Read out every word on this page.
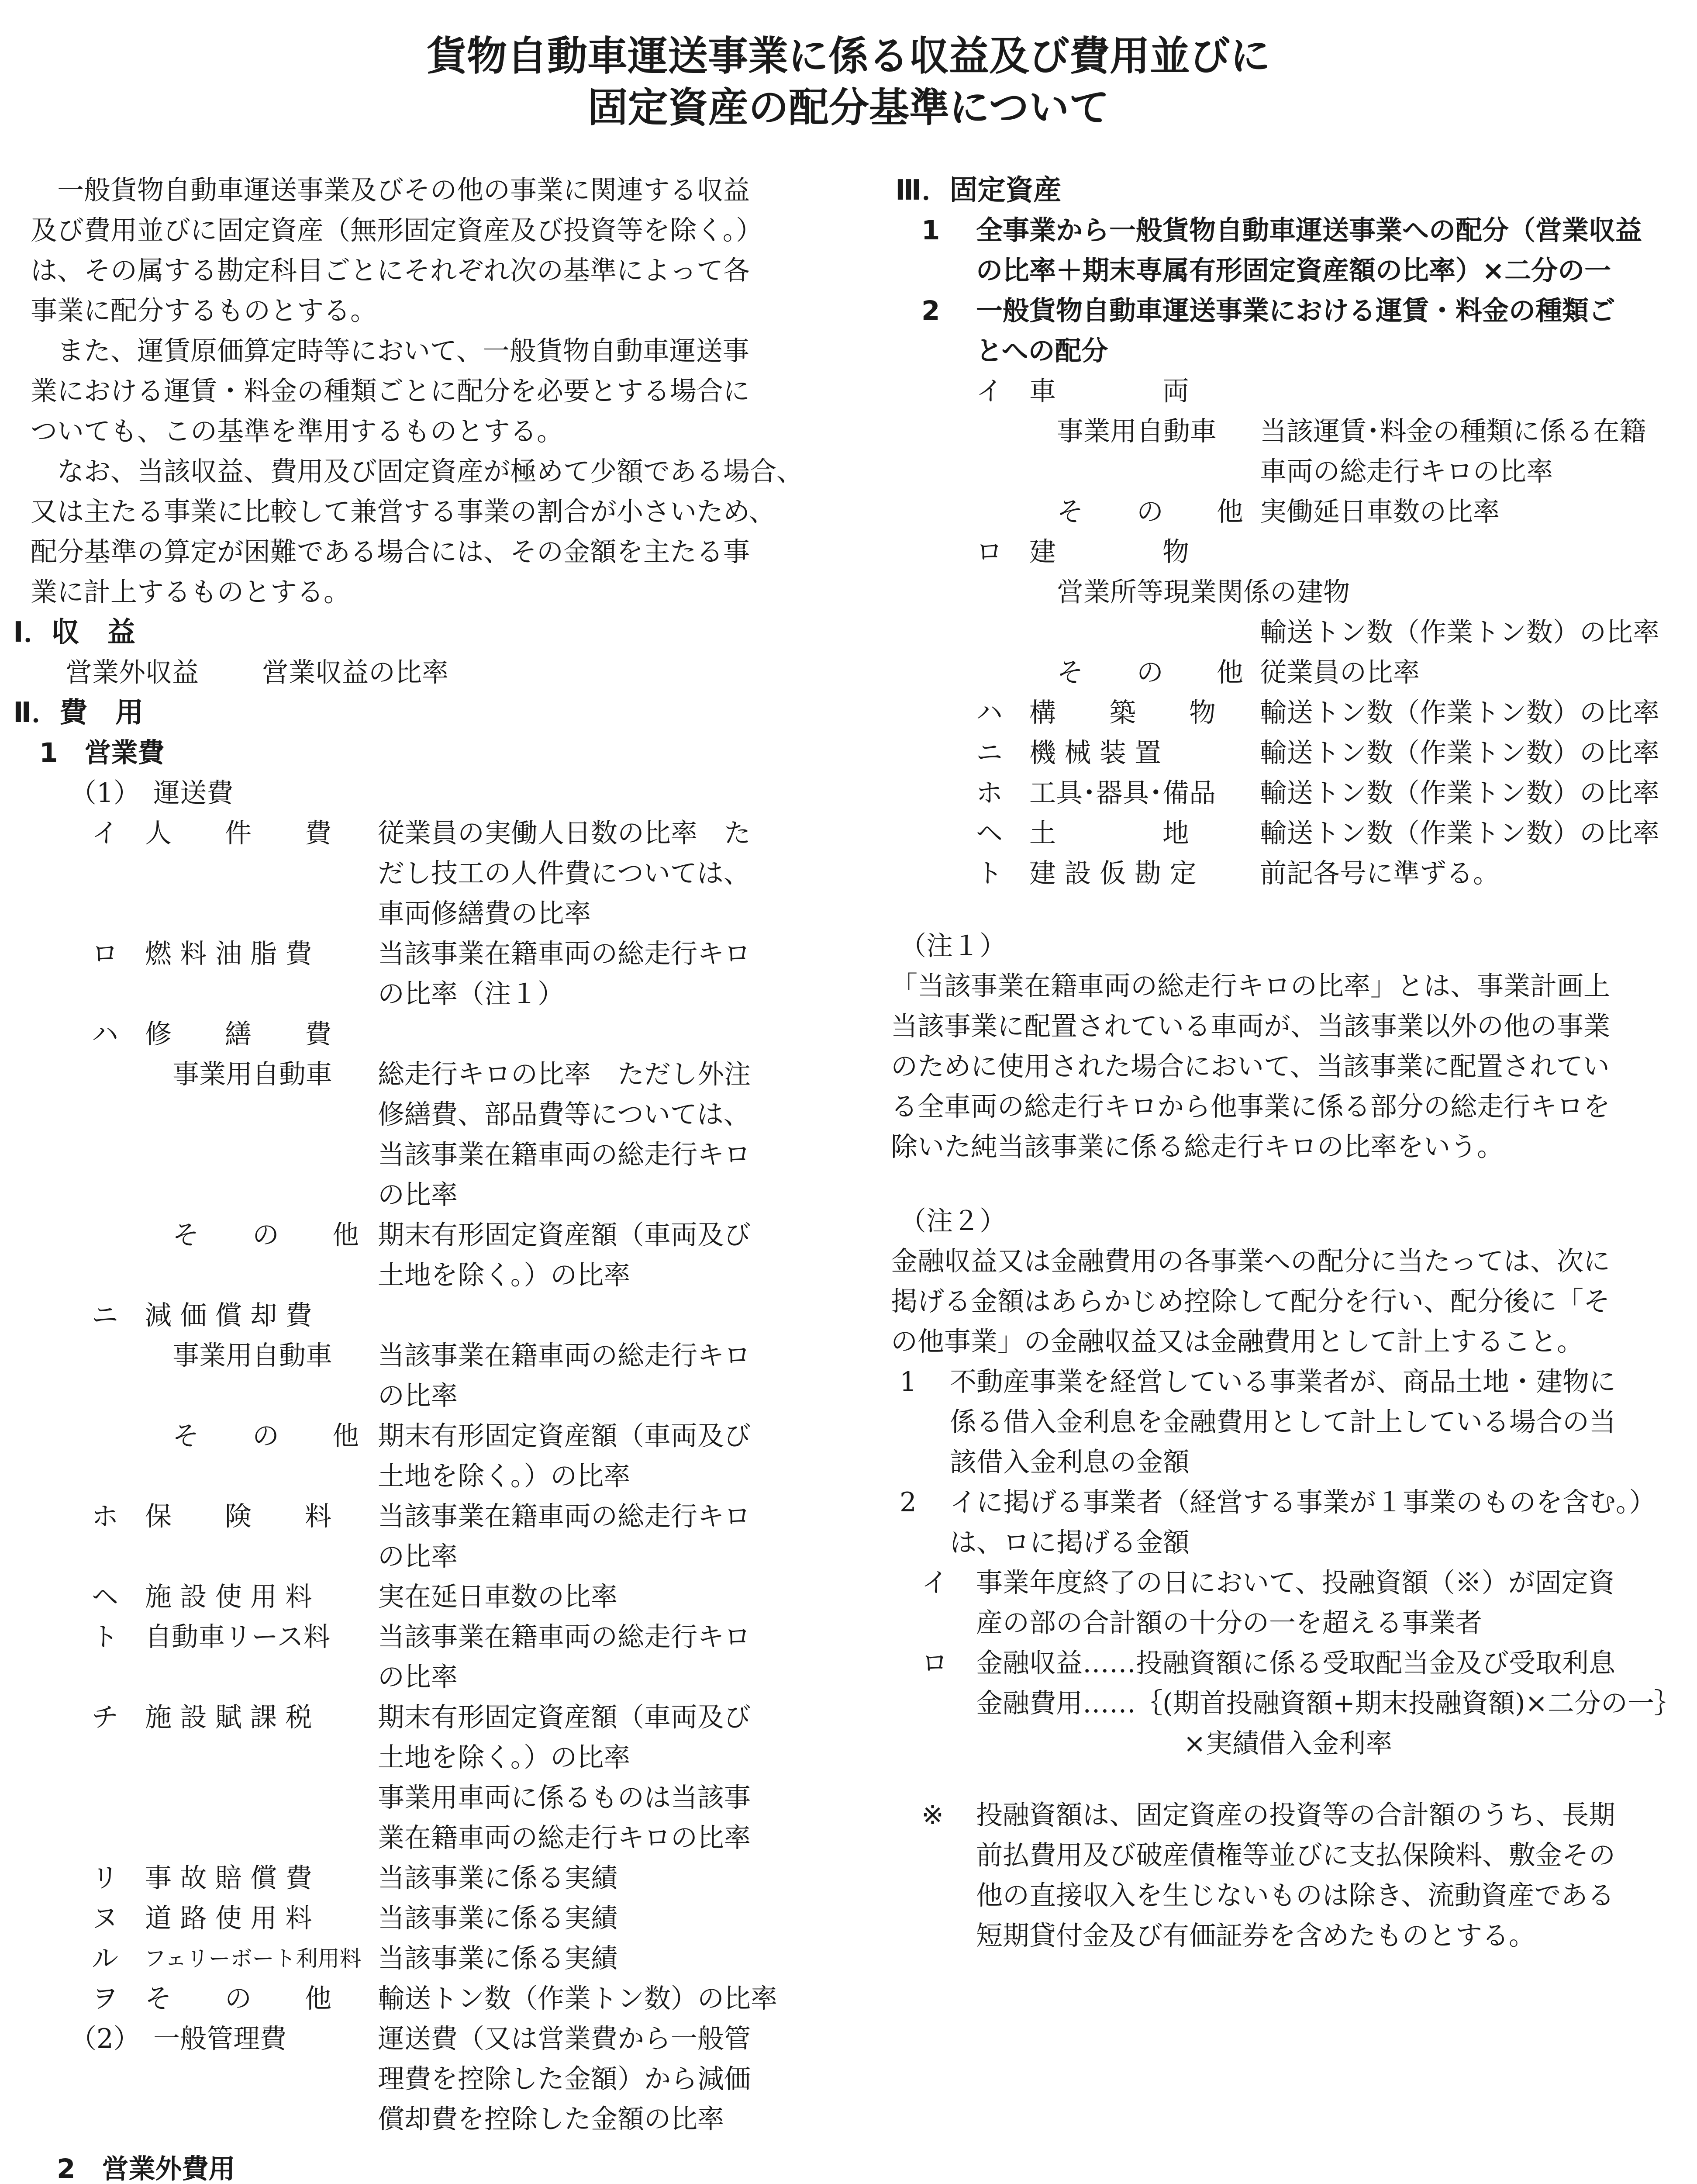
貨物自動車運送事業に係る収益及び費用並びに
固定資産の配分基準について
　一般貨物自動車運送事業及びその他の事業に関連する収益
及び費用並びに固定資産（無形固定資産及び投資等を除く。）
は、その属する勘定科目ごとにそれぞれ次の基準によって各
事業に配分するものとする。
　また、運賃原価算定時等において、一般貨物自動車運送事
業における運賃・料金の種類ごとに配分を必要とする場合に
ついても、この基準を準用するものとする。
　なお、当該収益、費用及び固定資産が極めて少額である場合、
又は主たる事業に比較して兼営する事業の割合が小さいため、
配分基準の算定が困難である場合には、その金額を主たる事
業に計上するものとする。
Ⅰ．収　益
営業外収益 営業収益の比率
Ⅱ．費　用
1　営業費
（1）　運送費
イ　人　　件　　費 従業員の実働人日数の比率　た
だし技工の人件費については、
車両修繕費の比率
ロ　燃 料 油 脂 費 当該事業在籍車両の総走行キロ
の比率（注１）
ハ　修　　繕　　費
事業用自動車 総走行キロの比率　ただし外注
修繕費、部品費等については、
当該事業在籍車両の総走行キロ
の比率
そ　　の　　他 期末有形固定資産額（車両及び
土地を除く。）の比率
ニ　減 価 償 却 費
事業用自動車 当該事業在籍車両の総走行キロ
の比率
そ　　の　　他 期末有形固定資産額（車両及び
土地を除く。）の比率
ホ　保　　険　　料 当該事業在籍車両の総走行キロ
の比率
ヘ　施 設 使 用 料 実在延日車数の比率
ト　自動車リース料 当該事業在籍車両の総走行キロ
の比率
チ　施 設 賦 課 税 期末有形固定資産額（車両及び
土地を除く。）の比率
事業用車両に係るものは当該事
業在籍車両の総走行キロの比率
リ　事 故 賠 償 費 当該事業に係る実績
ヌ　道 路 使 用 料 当該事業に係る実績
ル フェリーボート利用料 当該事業に係る実績
ヲ　そ　　の　　他 輸送トン数（作業トン数）の比率
（2）　一般管理費	運送費（又は営業費から一般管
理費を控除した金額）から減価
償却費を控除した金額の比率
2　営業外費用
Ⅲ．固定資産
1 全事業から一般貨物自動車運送事業への配分（営業収益
の比率＋期末専属有形固定資産額の比率）×二分の一
2 一般貨物自動車運送事業における運賃・料金の種類ご
とへの配分
イ　車　　　　両
事業用自動車 当該運賃･料金の種類に係る在籍
車両の総走行キロの比率
そ　　の　　他 実働延日車数の比率
ロ　建　　　　物
営業所等現業関係の建物
輸送トン数（作業トン数）の比率
そ　　の　　他 従業員の比率
ハ　構　　築　　物 輸送トン数（作業トン数）の比率
ニ　機 械 装 置	輸送トン数（作業トン数）の比率
ホ　工具･器具･備品 輸送トン数（作業トン数）の比率
ヘ　土　　　　地	輸送トン数（作業トン数）の比率
ト　建 設 仮 勘 定 前記各号に準ずる。
（注１）
「当該事業在籍車両の総走行キロの比率」とは、事業計画上
当該事業に配置されている車両が、当該事業以外の他の事業
のために使用された場合において、当該事業に配置されてい
る全車両の総走行キロから他事業に係る部分の総走行キロを
除いた純当該事業に係る総走行キロの比率をいう。
（注２）
金融収益又は金融費用の各事業への配分に当たっては、次に
掲げる金額はあらかじめ控除して配分を行い、配分後に「そ
の他事業」の金融収益又は金融費用として計上すること。
1 不動産事業を経営している事業者が、商品土地・建物に
係る借入金利息を金融費用として計上している場合の当
該借入金利息の金額
2 イに掲げる事業者（経営する事業が１事業のものを含む。）
は、ロに掲げる金額
イ 事業年度終了の日において、投融資額（※）が固定資
産の部の合計額の十分の一を超える事業者
ロ 金融収益……投融資額に係る受取配当金及び受取利息
金融費用……｛(期首投融資額+期末投融資額)×二分の一｝
×実績借入金利率
※ 投融資額は、固定資産の投資等の合計額のうち、長期
前払費用及び破産債権等並びに支払保険料、敷金その
他の直接収入を生じないものは除き、流動資産である
短期貸付金及び有価証券を含めたものとする。
